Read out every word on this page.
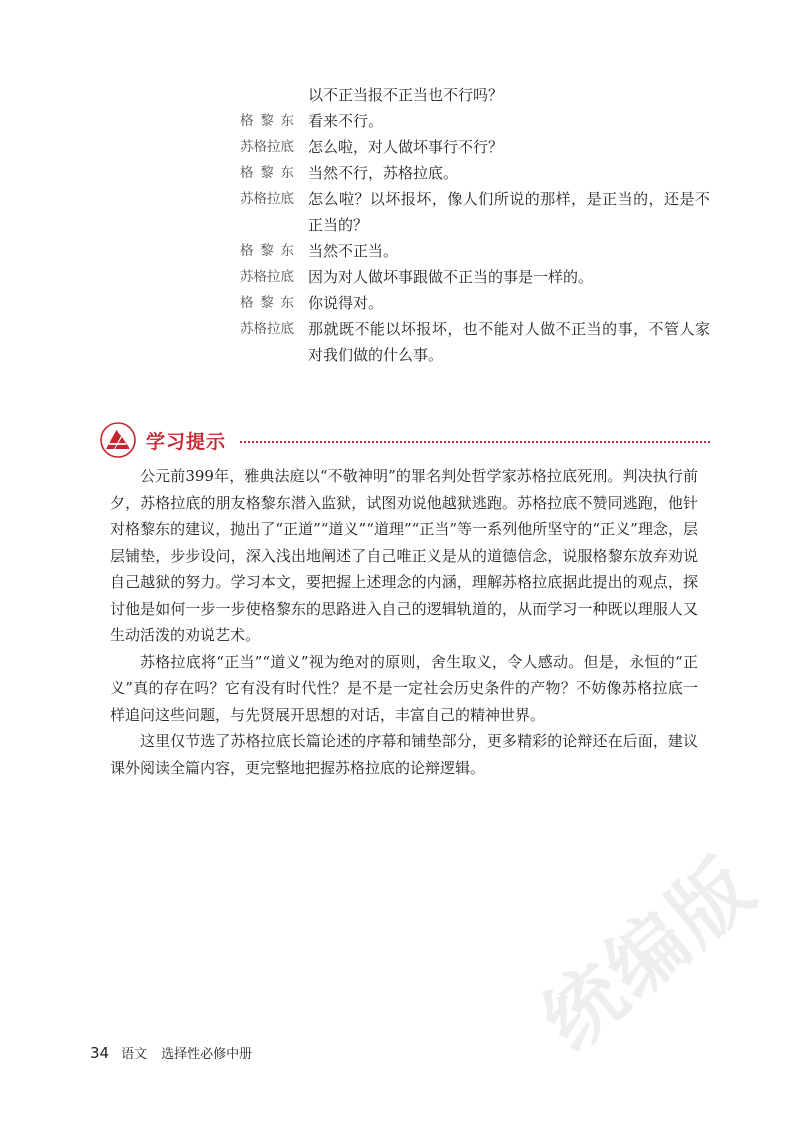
以不正当报不正当也不行吗？
格黎东 看来不行。
苏格拉底 怎么啦，对人做坏事行不行？
格黎东 当然不行，苏格拉底。
苏格拉底 怎么啦？以坏报坏，像人们所说的那样，是正当的，还是不正当的？
格黎东 当然不正当。
苏格拉底 因为对人做坏事跟做不正当的事是一样的。
格黎东 你说得对。
苏格拉底 那就既不能以坏报坏，也不能对人做不正当的事，不管人家对我们做的什么事。
学习提示

公元前399年，雅典法庭以“不敬神明”的罪名判处哲学家苏格拉底死刑。判决执行前夕，苏格拉底的朋友格黎东潜入监狱，试图劝说他越狱逃跑。苏格拉底不赞同逃跑，他针对格黎东的建议，抛出了“正道”“道义”“道理”“正当”等一系列他所坚守的“正义”理念，层层铺垫，步步设问，深入浅出地阐述了自己唯正义是从的道德信念，说服格黎东放弃劝说自己越狱的努力。学习本文，要把握上述理念的内涵，理解苏格拉底据此提出的观点，探讨他是如何一步一步使格黎东的思路进入自己的逻辑轨道的，从而学习一种既以理服人又生动活泼的劝说艺术。

苏格拉底将“正当”“道义”视为绝对的原则，舍生取义，令人感动。但是，永恒的“正义”真的存在吗？它有没有时代性？是不是一定社会历史条件的产物？不妨像苏格拉底一样追问这些问题，与先贤展开思想的对话，丰富自己的精神世界。

这里仅节选了苏格拉底长篇论述的序幕和铺垫部分，更多精彩的论辩还在后面，建议课外阅读全篇内容，更完整地把握苏格拉底的论辩逻辑。

统编版
34 语文 选择性必修中册
